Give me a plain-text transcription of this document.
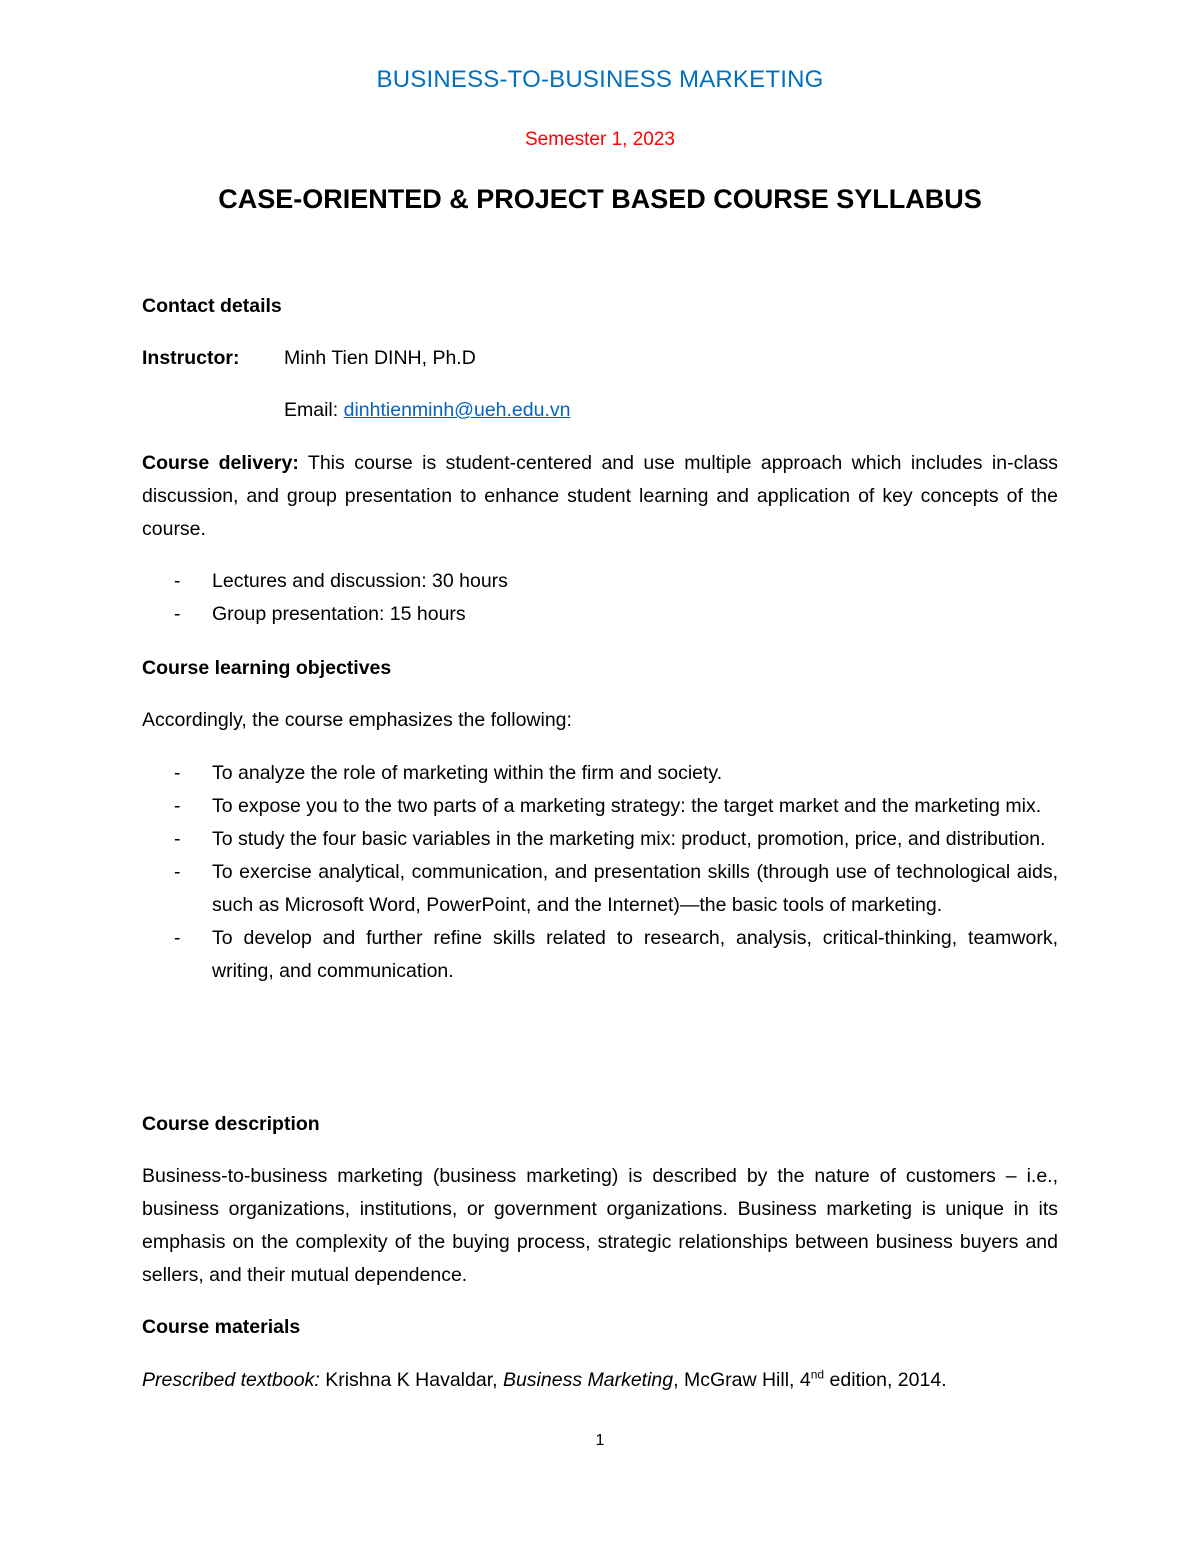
BUSINESS-TO-BUSINESS MARKETING
Semester 1, 2023
CASE-ORIENTED & PROJECT BASED COURSE SYLLABUS
Contact details
Instructor: Minh Tien DINH, Ph.D
Email: dinhtienminh@ueh.edu.vn
Course delivery: This course is student-centered and use multiple approach which includes in-class discussion, and group presentation to enhance student learning and application of key concepts of the course.
- Lectures and discussion: 30 hours
- Group presentation: 15 hours
Course learning objectives
Accordingly, the course emphasizes the following:
- To analyze the role of marketing within the firm and society.
- To expose you to the two parts of a marketing strategy: the target market and the marketing mix.
- To study the four basic variables in the marketing mix: product, promotion, price, and distribution.
- To exercise analytical, communication, and presentation skills (through use of technological aids, such as Microsoft Word, PowerPoint, and the Internet)—the basic tools of marketing.
- To develop and further refine skills related to research, analysis, critical-thinking, teamwork, writing, and communication.
Course description
Business-to-business marketing (business marketing) is described by the nature of customers – i.e., business organizations, institutions, or government organizations. Business marketing is unique in its emphasis on the complexity of the buying process, strategic relationships between business buyers and sellers, and their mutual dependence.
Course materials
Prescribed textbook: Krishna K Havaldar, Business Marketing, McGraw Hill, 4nd edition, 2014.
1
